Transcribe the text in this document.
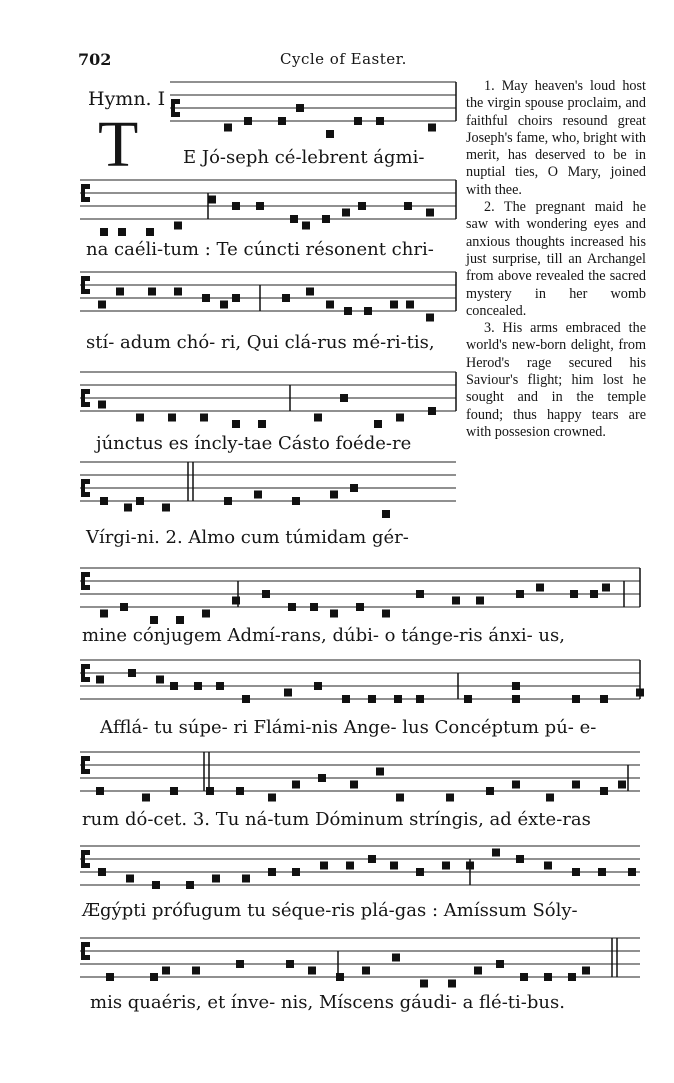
702	Cycle of Easter.
Hymn. I
T E Jó-seph cé-lebrent ágmi-
na caéli-tum : Te cúncti résonent chri-
stí- adum chó- ri, Qui clá-rus mé-ri-tis,
júnctus es íncly-tae Cásto foéde-re
Vírgi-ni. 2. Almo cum túmidam gér-
mine cónjugem Admí-rans, dúbi- o tánge-ris ánxi- us,
Afflá- tu súpe- ri Flámi-nis Ange- lus Concéptum pú- e-
rum dó-cet. 3. Tu ná-tum Dóminum stríngis, ad éxte-ras
Ægýpti prófugum tu séque-ris plá-gas : Amíssum Sóly-
mis quaéris, et ínve- nis, Míscens gáudi- a flé-ti-bus.

1. May heaven's loud host the virgin spouse proclaim, and faithful choirs resound great Joseph's fame, who, bright with merit, has deserved to be in nuptial ties, O Mary, joined with thee.

2. The pregnant maid he saw with wondering eyes and anxious thoughts increased his just surprise, till an Archangel from above revealed the sacred mystery in her womb concealed.

3. His arms embraced the world's new-born delight, from Herod's rage secured his Saviour's flight; him lost he sought and in the temple found; thus happy tears are with possesion crowned.
